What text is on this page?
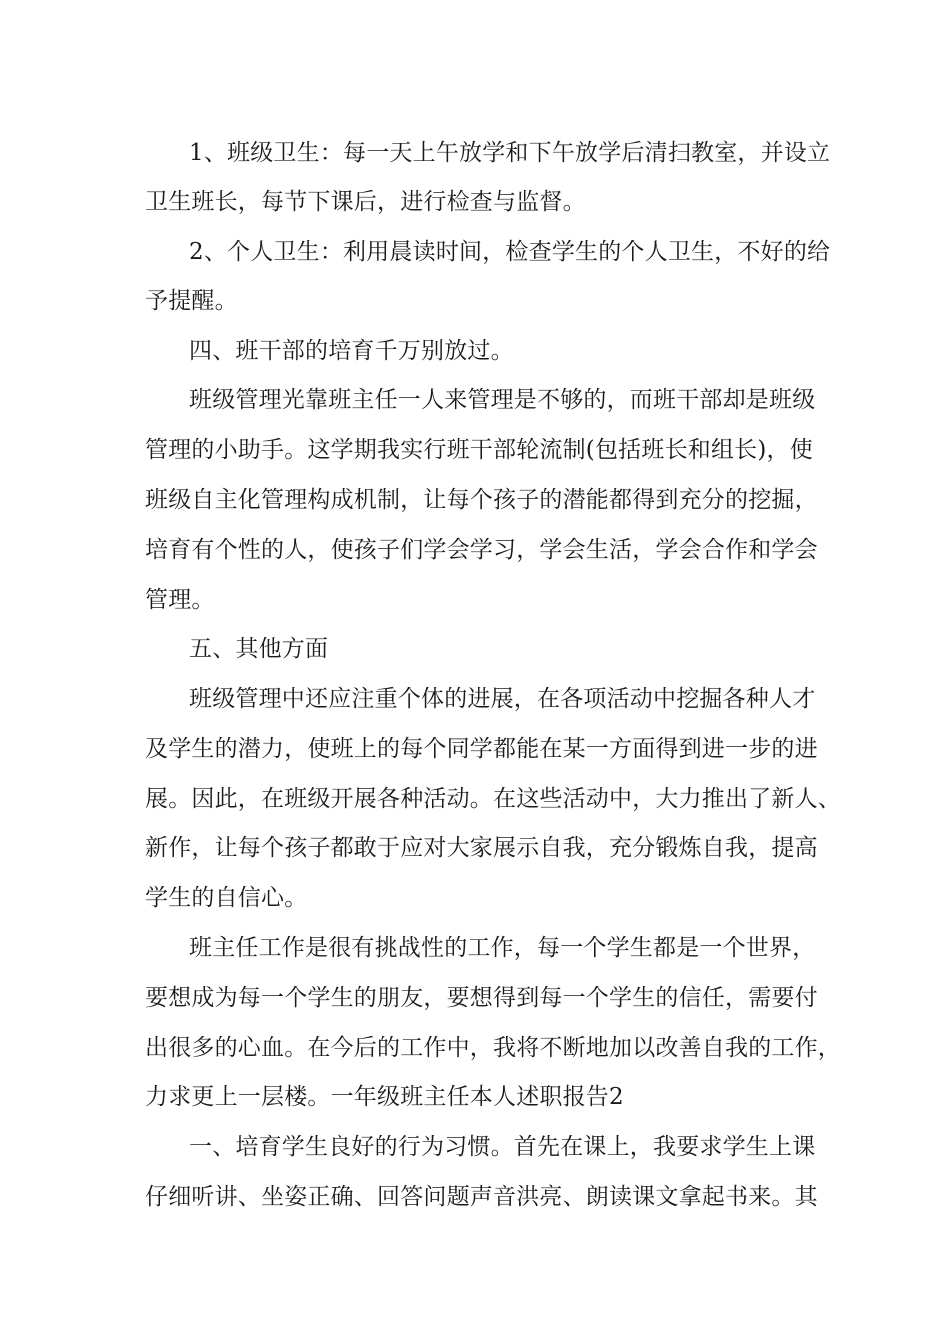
1、班级卫生：每一天上午放学和下午放学后清扫教室，并设立
卫生班长，每节下课后，进行检查与监督。
2、个人卫生：利用晨读时间，检查学生的个人卫生，不好的给
予提醒。
四、班干部的培育千万别放过。
班级管理光靠班主任一人来管理是不够的，而班干部却是班级
管理的小助手。这学期我实行班干部轮流制(包括班长和组长)，使
班级自主化管理构成机制，让每个孩子的潜能都得到充分的挖掘，
培育有个性的人，使孩子们学会学习，学会生活，学会合作和学会
管理。
五、其他方面
班级管理中还应注重个体的进展，在各项活动中挖掘各种人才
及学生的潜力，使班上的每个同学都能在某一方面得到进一步的进
展。因此，在班级开展各种活动。在这些活动中，大力推出了新人、
新作，让每个孩子都敢于应对大家展示自我，充分锻炼自我，提高
学生的自信心。
班主任工作是很有挑战性的工作，每一个学生都是一个世界，
要想成为每一个学生的朋友，要想得到每一个学生的信任，需要付
出很多的心血。在今后的工作中，我将不断地加以改善自我的工作，
力求更上一层楼。一年级班主任本人述职报告2
一、培育学生良好的行为习惯。首先在课上，我要求学生上课
仔细听讲、坐姿正确、回答问题声音洪亮、朗读课文拿起书来。其
